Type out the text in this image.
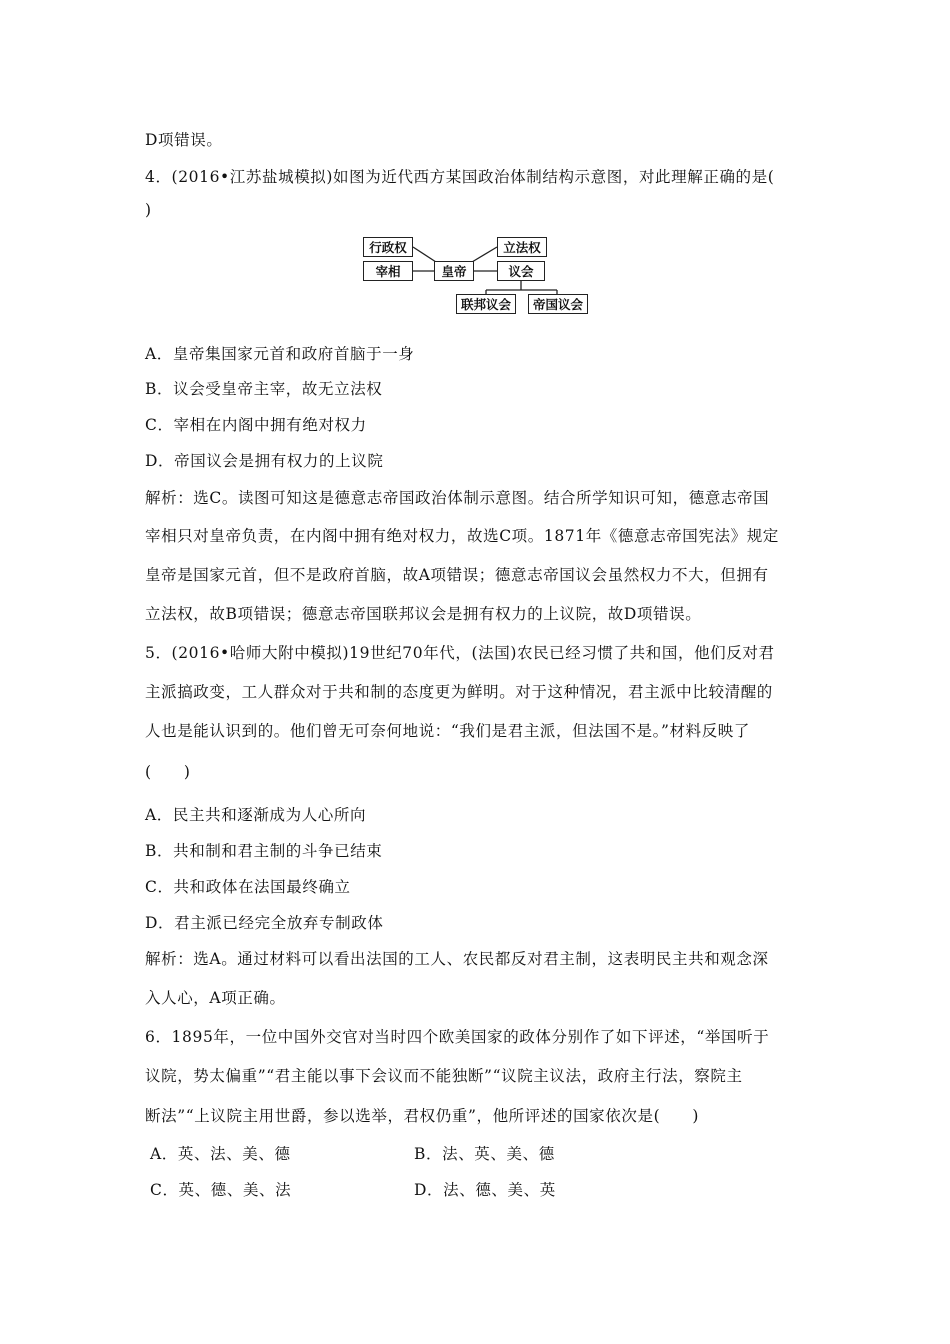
D项错误。
4．(2016•江苏盐城模拟)如图为近代西方某国政治体制结构示意图，对此理解正确的是(
)
行政权
宰相	皇帝
立法权
议会
联邦议会	帝国议会
A．皇帝集国家元首和政府首脑于一身
B．议会受皇帝主宰，故无立法权
C．宰相在内阁中拥有绝对权力
D．帝国议会是拥有权力的上议院
解析：选C。读图可知这是德意志帝国政治体制示意图。结合所学知识可知，德意志帝国
宰相只对皇帝负责，在内阁中拥有绝对权力，故选C项。1871年《德意志帝国宪法》规定
皇帝是国家元首，但不是政府首脑，故A项错误；德意志帝国议会虽然权力不大，但拥有
立法权，故B项错误；德意志帝国联邦议会是拥有权力的上议院，故D项错误。
5．(2016•哈师大附中模拟)19世纪70年代，(法国)农民已经习惯了共和国，他们反对君
主派搞政变，工人群众对于共和制的态度更为鲜明。对于这种情况，君主派中比较清醒的
人也是能认识到的。他们曾无可奈何地说：“我们是君主派，但法国不是。”材料反映了
(　　)
A．民主共和逐渐成为人心所向
B．共和制和君主制的斗争已结束
C．共和政体在法国最终确立
D．君主派已经完全放弃专制政体
解析：选A。通过材料可以看出法国的工人、农民都反对君主制，这表明民主共和观念深
入人心，A项正确。
6．1895年，一位中国外交官对当时四个欧美国家的政体分别作了如下评述，“举国听于
议院，势太偏重”“君主能以事下会议而不能独断”“议院主议法，政府主行法，察院主
断法”“上议院主用世爵，参以选举，君权仍重”，他所评述的国家依次是(　　)
A．英、法、美、德	B．法、英、美、德
C．英、德、美、法	D．法、德、美、英
